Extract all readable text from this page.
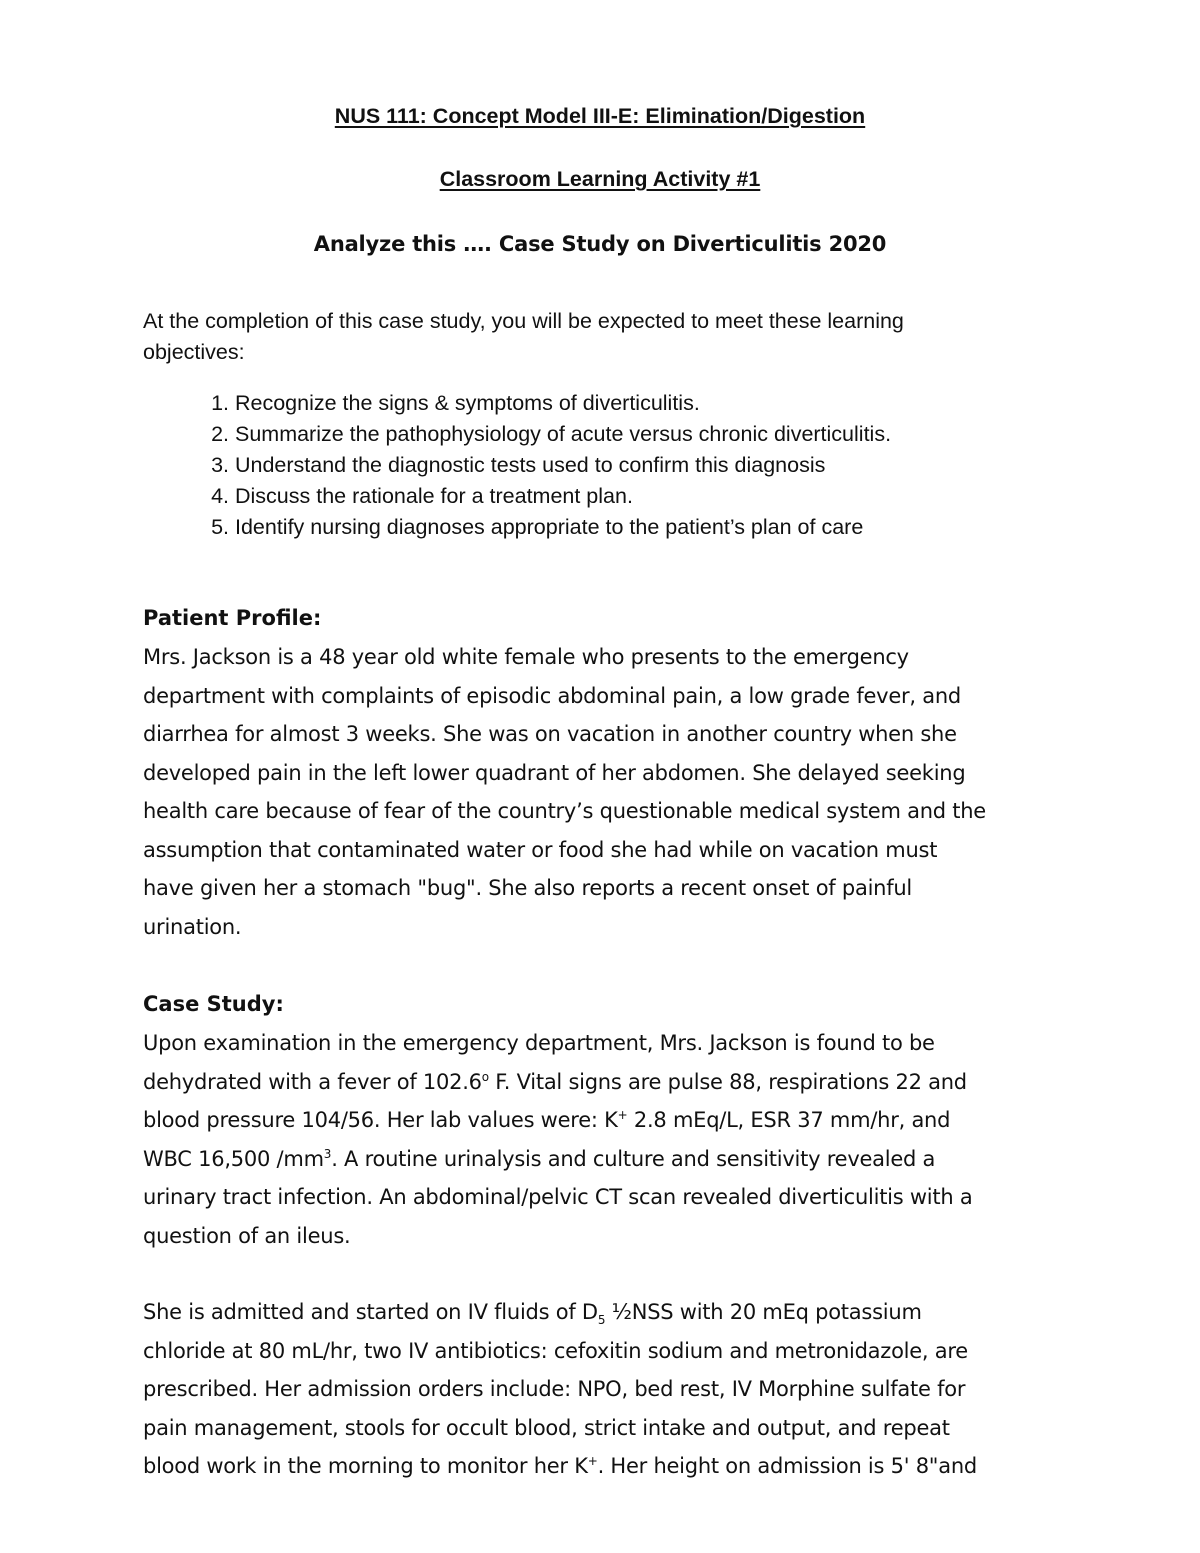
NUS 111: Concept Model III-E: Elimination/Digestion
Classroom Learning Activity #1
Analyze this …. Case Study on Diverticulitis 2020

At the completion of this case study, you will be expected to meet these learning objectives:

1. Recognize the signs & symptoms of diverticulitis.
2. Summarize the pathophysiology of acute versus chronic diverticulitis.
3. Understand the diagnostic tests used to confirm this diagnosis
4. Discuss the rationale for a treatment plan.
5. Identify nursing diagnoses appropriate to the patient’s plan of care
Patient Profile:
Mrs. Jackson is a 48 year old white female who presents to the emergency
department with complaints of episodic abdominal pain, a low grade fever, and
diarrhea for almost 3 weeks. She was on vacation in another country when she
developed pain in the left lower quadrant of her abdomen. She delayed seeking
health care because of fear of the country’s questionable medical system and the
assumption that contaminated water or food she had while on vacation must
have given her a stomach "bug". She also reports a recent onset of painful
urination.
Case Study:
Upon examination in the emergency department, Mrs. Jackson is found to be
dehydrated with a fever of 102.6$^o$ F. Vital signs are pulse 88, respirations 22 and
blood pressure 104/56. Her lab values were: K+ 2.8 mEq/L, ESR 37 mm/hr, and
WBC 16,500 $/mm^3$. A routine urinalysis and culture and sensitivity revealed a
urinary tract infection. An abdominal/pelvic CT scan revealed diverticulitis with a
question of an ileus.
She is admitted and started on IV fluids of $D_5$ ½NSS with 20 mEq potassium
chloride at 80 mL/hr, two IV antibiotics: cefoxitin sodium and metronidazole, are
prescribed. Her admission orders include: NPO, bed rest, IV Morphine sulfate for
pain management, stools for occult blood, strict intake and output, and repeat
blood work in the morning to monitor her K+. Her height on admission is 5' 8"and
